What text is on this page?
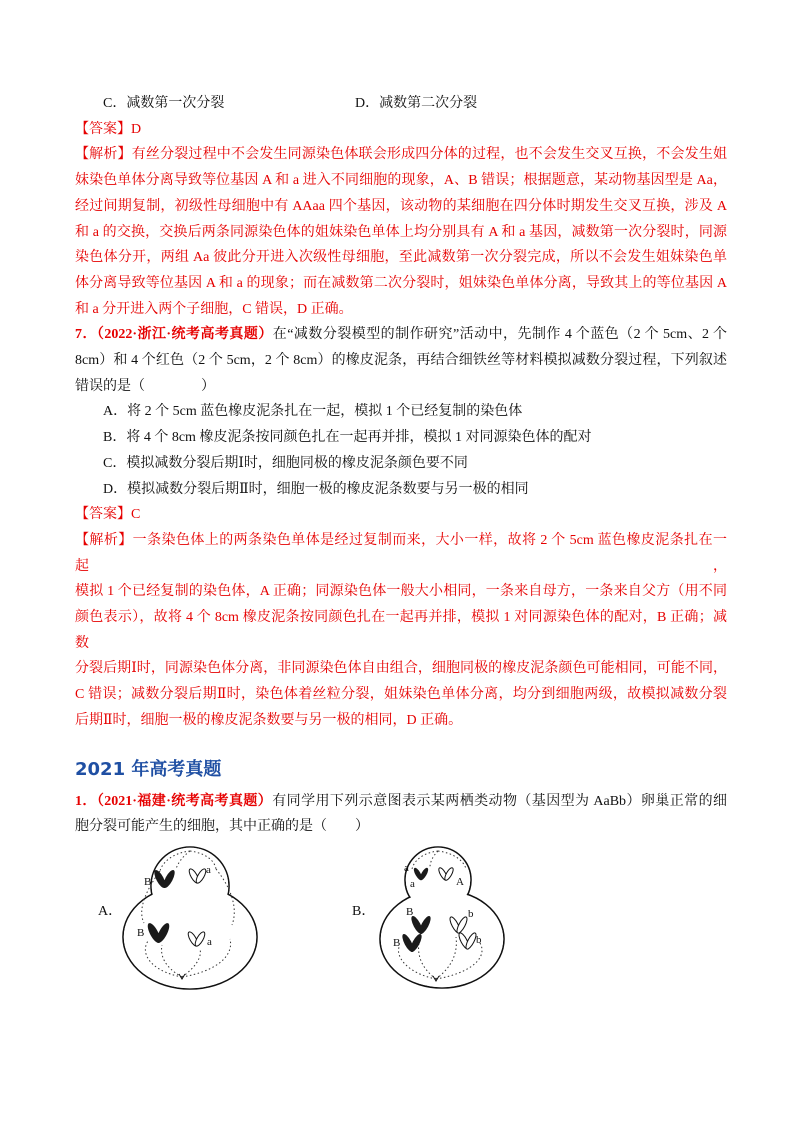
C．减数第一次分裂	D．减数第二次分裂
【答案】D
【解析】有丝分裂过程中不会发生同源染色体联会形成四分体的过程，也不会发生交叉互换，不会发生姐
妹染色单体分离导致等位基因 A 和 a 进入不同细胞的现象，A、B 错误；根据题意，某动物基因型是 Aa，
经过间期复制，初级性母细胞中有 AAaa 四个基因，该动物的某细胞在四分体时期发生交叉互换，涉及 A
和 a 的交换，交换后两条同源染色体的姐妹染色单体上均分别具有 A 和 a 基因，减数第一次分裂时，同源
染色体分开，两组 Aa 彼此分开进入次级性母细胞，至此减数第一次分裂完成，所以不会发生姐妹染色单
体分离导致等位基因 A 和 a 的现象；而在减数第二次分裂时，姐妹染色单体分离，导致其上的等位基因 A
和 a 分开进入两个子细胞，C 错误，D 正确。
7．（2022·浙江·统考高考真题）在“减数分裂模型的制作研究”活动中，先制作 4 个蓝色（2 个 5cm、2 个
8cm）和 4 个红色（2 个 5cm，2 个 8cm）的橡皮泥条，再结合细铁丝等材料模拟减数分裂过程，下列叙述
错误的是（　　　　）
A．将 2 个 5cm 蓝色橡皮泥条扎在一起，模拟 1 个已经复制的染色体
B．将 4 个 8cm 橡皮泥条按同颜色扎在一起再并排，模拟 1 对同源染色体的配对
C．模拟减数分裂后期Ⅰ时，细胞同极的橡皮泥条颜色要不同
D．模拟减数分裂后期Ⅱ时，细胞一极的橡皮泥条数要与另一极的相同
【答案】C
【解析】一条染色体上的两条染色单体是经过复制而来，大小一样，故将 2 个 5cm 蓝色橡皮泥条扎在一起，
模拟 1 个已经复制的染色体，A 正确；同源染色体一般大小相同，一条来自母方，一条来自父方（用不同
颜色表示），故将 4 个 8cm 橡皮泥条按同颜色扎在一起再并排，模拟 1 对同源染色体的配对，B 正确；减数
分裂后期Ⅰ时，同源染色体分离，非同源染色体自由组合，细胞同极的橡皮泥条颜色可能相同，可能不同，
C 错误；减数分裂后期Ⅱ时，染色体着丝粒分裂，姐妹染色单体分离，均分到细胞两级，故模拟减数分裂
后期Ⅱ时，细胞一极的橡皮泥条数要与另一极的相同，D 正确。
2021 年高考真题
1．（2021·福建·统考高考真题）有同学用下列示意图表示某两栖类动物（基因型为 AaBb）卵巢正常的细
胞分裂可能产生的细胞，其中正确的是（　　）
A．
B
a
B
a
B．
a
a	A
B
B
b
b
